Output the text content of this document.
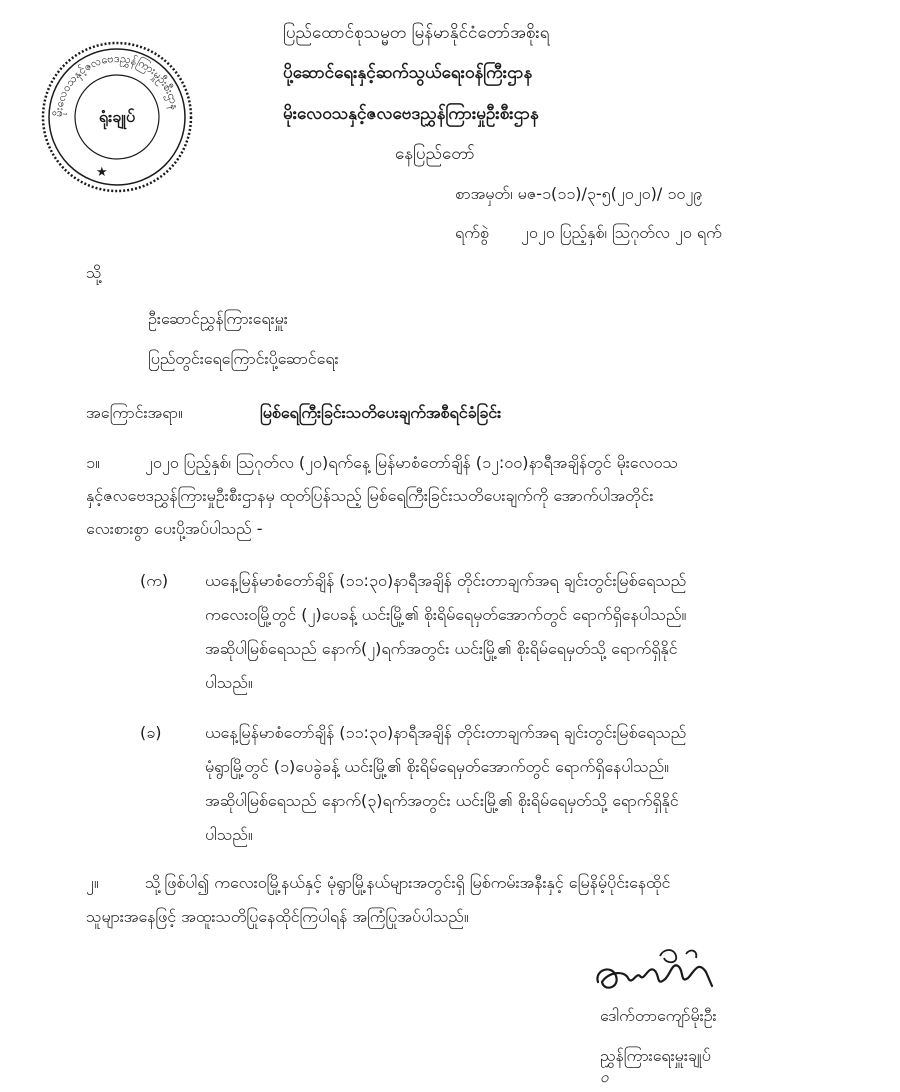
မိုးလေဝသနှင့်ဇလဗေဒညွှန်ကြားမှုဦးစီးဌာန
ရုံးချုပ်
★
ပြည်ထောင်စုသမ္မတ မြန်မာနိုင်ငံတော်အစိုးရ
ပို့ဆောင်ရေးနှင့်ဆက်သွယ်ရေးဝန်ကြီးဌာန
မိုးလေဝသနှင့်ဇလဗေဒညွှန်ကြားမှုဦးစီးဌာန
နေပြည်တော်
စာအမှတ်၊ မဇ-၁(၁၁)/၃-၅(၂၀၂၀)/ ၁၀၂၉
ရက်စွဲ ၂၀၂၀ ပြည့်နှစ်၊ ဩဂုတ်လ ၂၀ ရက်
သို့
ဦးဆောင်ညွှန်ကြားရေးမှူး
ပြည်တွင်းရေကြောင်းပို့ဆောင်ရေး
အကြောင်းအရာ။	မြစ်ရေကြီးခြင်းသတိပေးချက်အစီရင်ခံခြင်း
၁။	၂၀၂၀ ပြည့်နှစ်၊ ဩဂုတ်လ (၂၀)ရက်နေ့ မြန်မာစံတော်ချိန် (၁၂:၀၀)နာရီအချိန်တွင် မိုးလေဝသ
နှင့်ဇလဗေဒညွှန်ကြားမှုဦးစီးဌာနမှ ထုတ်ပြန်သည့် မြစ်ရေကြီးခြင်းသတိပေးချက်ကို အောက်ပါအတိုင်း
လေးစားစွာ ပေးပို့အပ်ပါသည် -
(က) ယနေ့မြန်မာစံတော်ချိန် (၁၁:၃၀)နာရီအချိန် တိုင်းတာချက်အရ ချင်းတွင်းမြစ်ရေသည်
ကလေးဝမြို့တွင် (၂)ပေခန့် ယင်းမြို့၏ စိုးရိမ်ရေမှတ်အောက်တွင် ရောက်ရှိနေပါသည်။
အဆိုပါမြစ်ရေသည် နောက်(၂)ရက်အတွင်း ယင်းမြို့၏ စိုးရိမ်ရေမှတ်သို့ ရောက်ရှိနိုင်
ပါသည်။
(ခ)	ယနေ့မြန်မာစံတော်ချိန် (၁၁:၃၀)နာရီအချိန် တိုင်းတာချက်အရ ချင်းတွင်းမြစ်ရေသည်
မုံရွာမြို့တွင် (၁)ပေခွဲခန့် ယင်းမြို့၏ စိုးရိမ်ရေမှတ်အောက်တွင် ရောက်ရှိနေပါသည်။
အဆိုပါမြစ်ရေသည် နောက်(၃)ရက်အတွင်း ယင်းမြို့၏ စိုးရိမ်ရေမှတ်သို့ ရောက်ရှိနိုင်
ပါသည်။
၂။	သို့ဖြစ်ပါ၍ ကလေးဝမြို့နယ်နှင့် မုံရွာမြို့နယ်များအတွင်းရှိ မြစ်ကမ်းအနီးနှင့် မြေနိမ့်ပိုင်းနေထိုင်
သူများအနေဖြင့် အထူးသတိပြုနေထိုင်ကြပါရန် အကြံပြုအပ်ပါသည်။
ဒေါက်တာကျော်မိုးဦး
ညွှန်ကြားရေးမှူးချုပ်
ဝ
